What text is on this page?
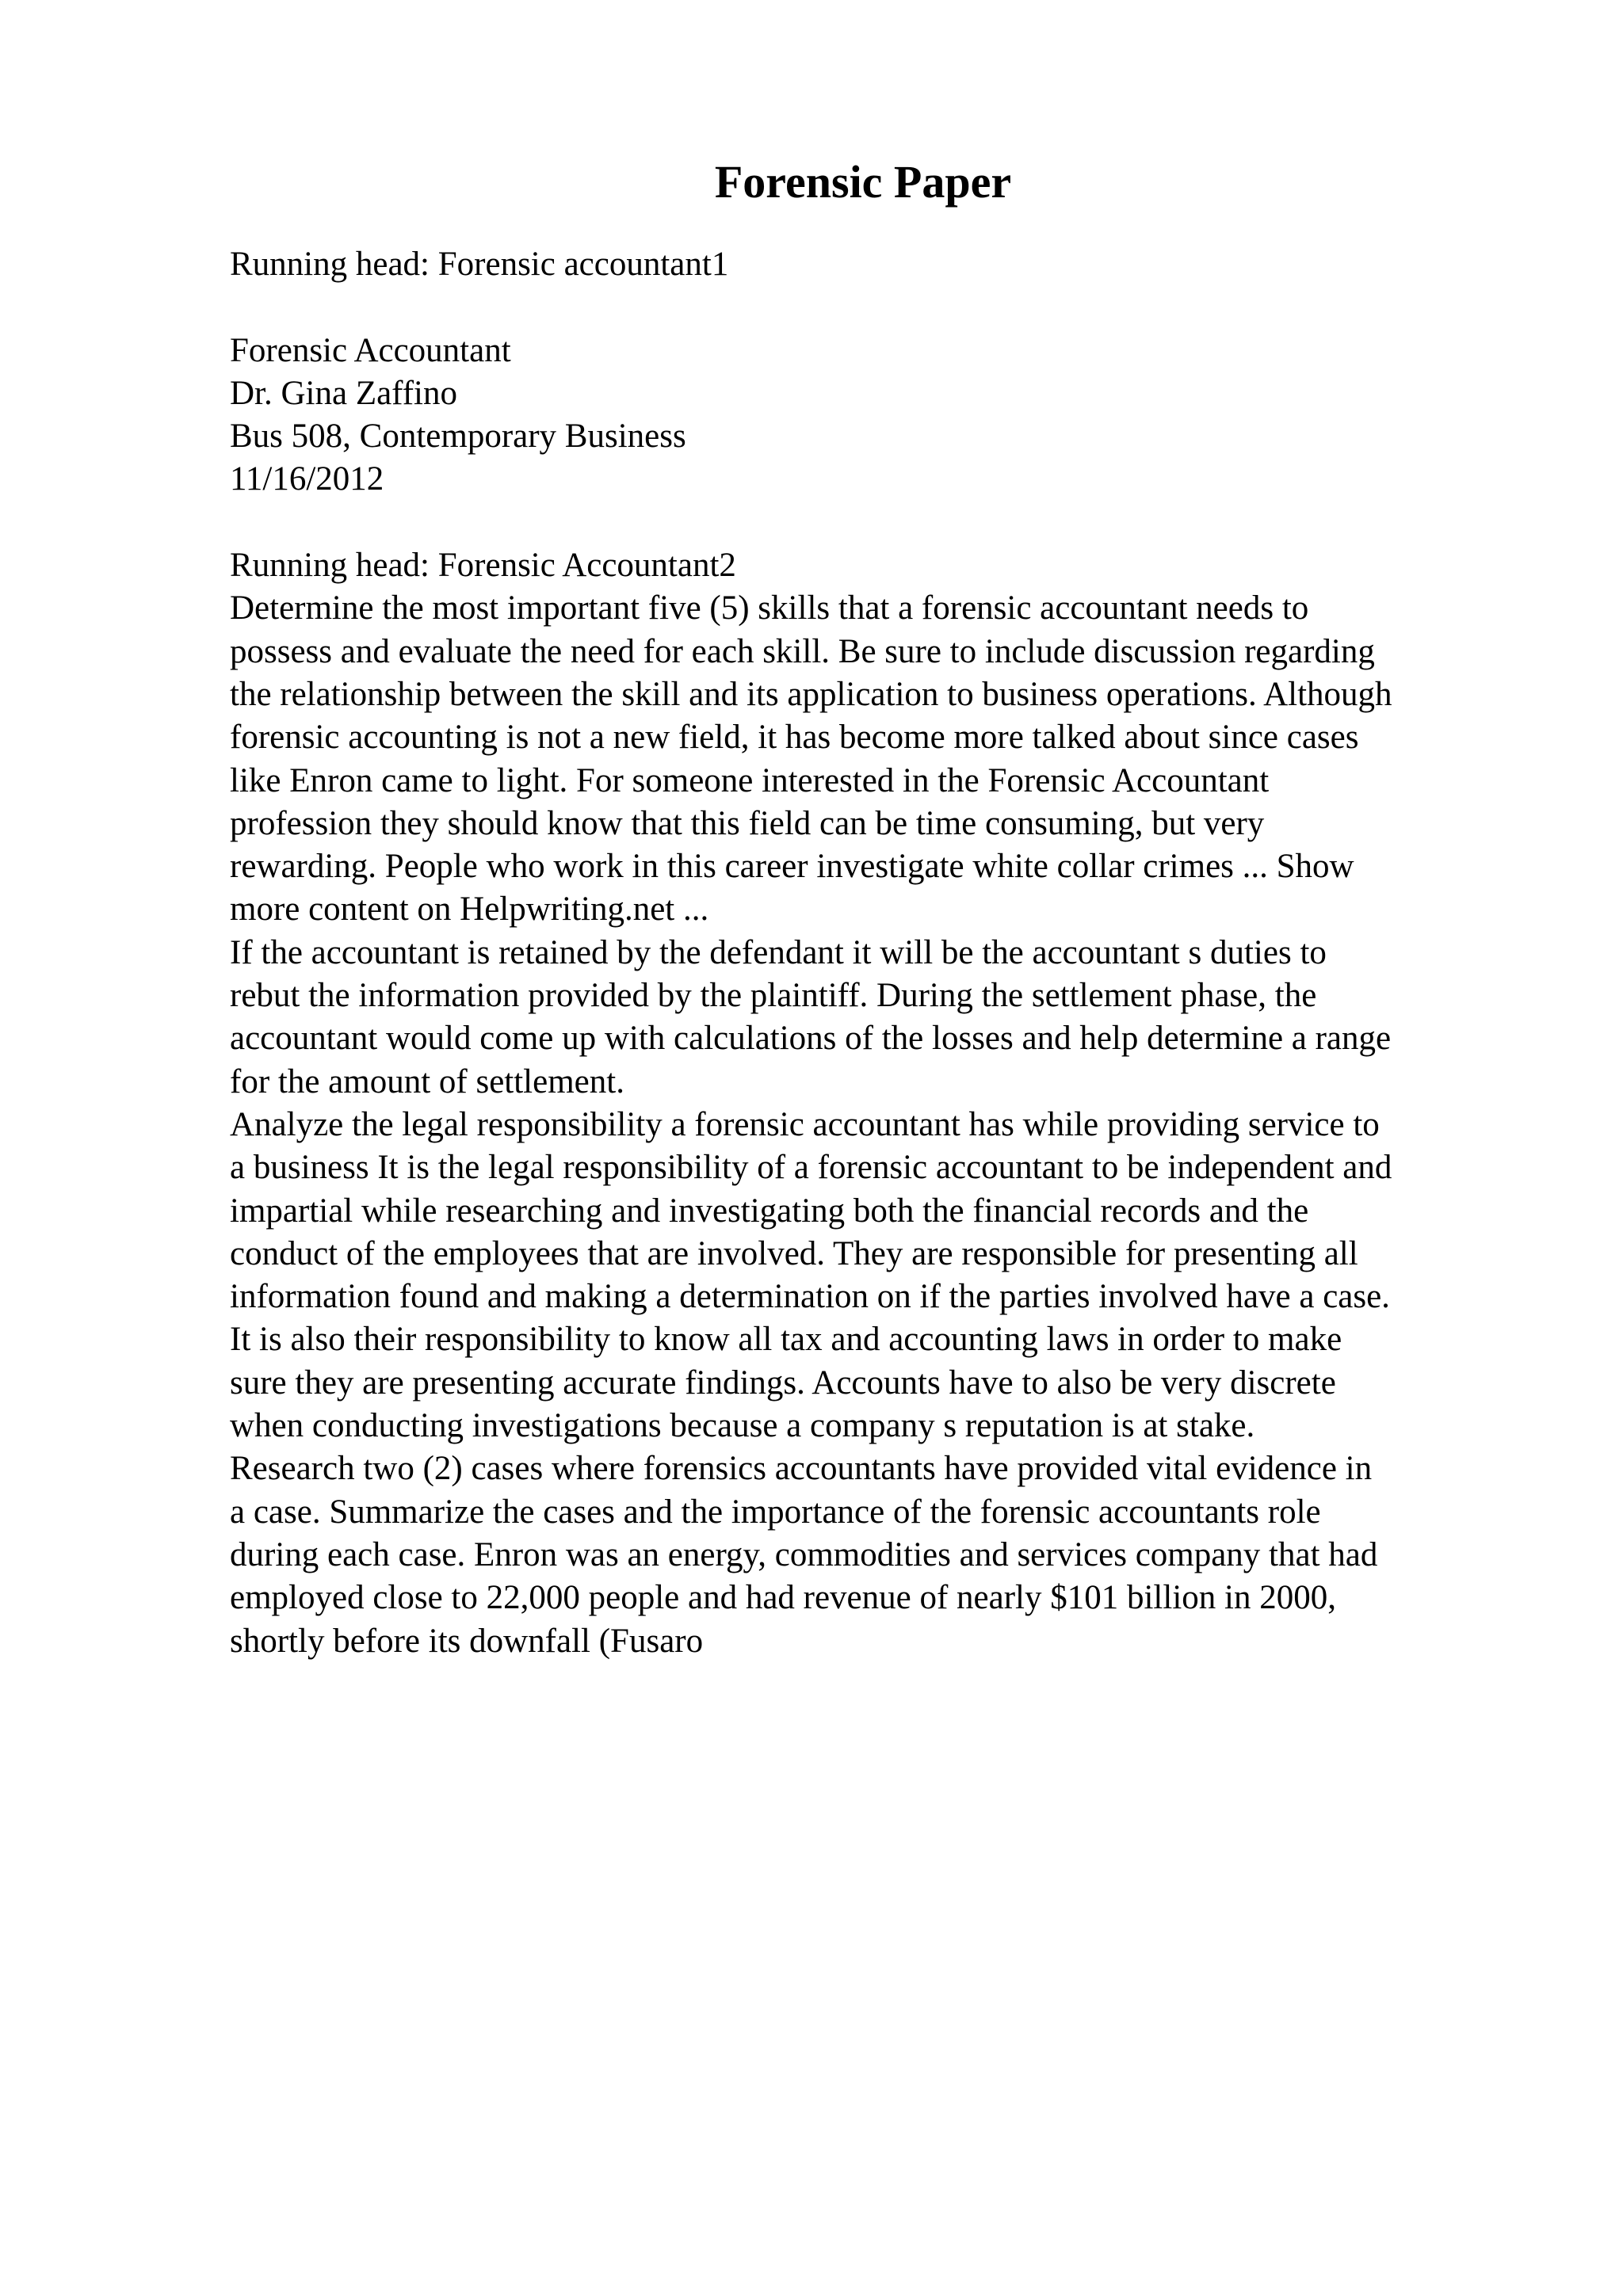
Forensic Paper
Running head: Forensic accountant1
Forensic Accountant
Dr. Gina Zaffino
Bus 508, Contemporary Business
11/16/2012
Running head: Forensic Accountant2
Determine the most important five (5) skills that a forensic accountant needs to
possess and evaluate the need for each skill. Be sure to include discussion regarding
the relationship between the skill and its application to business operations. Although
forensic accounting is not a new field, it has become more talked about since cases
like Enron came to light. For someone interested in the Forensic Accountant
profession they should know that this field can be time consuming, but very
rewarding. People who work in this career investigate white collar crimes ... Show
more content on Helpwriting.net ...
If the accountant is retained by the defendant it will be the accountant s duties to
rebut the information provided by the plaintiff. During the settlement phase, the
accountant would come up with calculations of the losses and help determine a range
for the amount of settlement.
Analyze the legal responsibility a forensic accountant has while providing service to
a business It is the legal responsibility of a forensic accountant to be independent and
impartial while researching and investigating both the financial records and the
conduct of the employees that are involved. They are responsible for presenting all
information found and making a determination on if the parties involved have a case.
It is also their responsibility to know all tax and accounting laws in order to make
sure they are presenting accurate findings. Accounts have to also be very discrete
when conducting investigations because a company s reputation is at stake.
Research two (2) cases where forensics accountants have provided vital evidence in
a case. Summarize the cases and the importance of the forensic accountants role
during each case. Enron was an energy, commodities and services company that had
employed close to 22,000 people and had revenue of nearly $101 billion in 2000,
shortly before its downfall (Fusaro
